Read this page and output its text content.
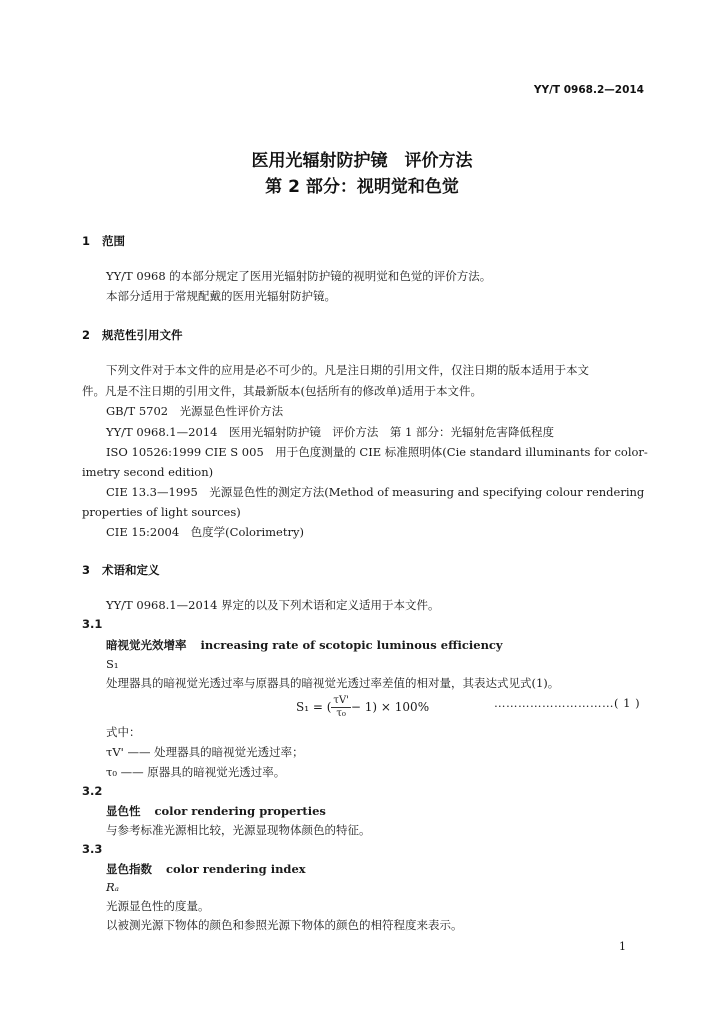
YY/T 0968.2—2014
医用光辐射防护镜　评价方法
第 2 部分：视明觉和色觉
1 范围
YY/T 0968 的本部分规定了医用光辐射防护镜的视明觉和色觉的评价方法。
本部分适用于常规配戴的医用光辐射防护镜。
2 规范性引用文件
下列文件对于本文件的应用是必不可少的。凡是注日期的引用文件，仅注日期的版本适用于本文
件。凡是不注日期的引用文件，其最新版本(包括所有的修改单)适用于本文件。
GB/T 5702　光源显色性评价方法
YY/T 0968.1—2014　医用光辐射防护镜　评价方法　第 1 部分：光辐射危害降低程度
ISO 10526:1999 CIE S 005　用于色度测量的 CIE 标准照明体(Cie standard illuminants for color-
imetry second edition)
CIE 13.3—1995　光源显色性的测定方法(Method of measuring and specifying colour rendering
properties of light sources)
CIE 15:2004　色度学(Colorimetry)
3 术语和定义
YY/T 0968.1—2014 界定的以及下列术语和定义适用于本文件。
3.1
暗视觉光效增率 increasing rate of scotopic luminous efficiency
S₁
处理器具的暗视觉光透过率与原器具的暗视觉光透过率差值的相对量，其表达式见式(1)。
S₁ = ( $\frac{\tau V'}{\text{τ₀}} - 1) \times 100\%$	…………………………( 1 )
式中：
τV' —— 处理器具的暗视觉光透过率；
τ₀ —— 原器具的暗视觉光透过率。
3.2
显色性 color rendering properties
与参考标准光源相比较，光源显现物体颜色的特征。
3.3
显色指数 color rendering index
Rₐ
光源显色性的度量。
以被测光源下物体的颜色和参照光源下物体的颜色的相符程度来表示。
1
